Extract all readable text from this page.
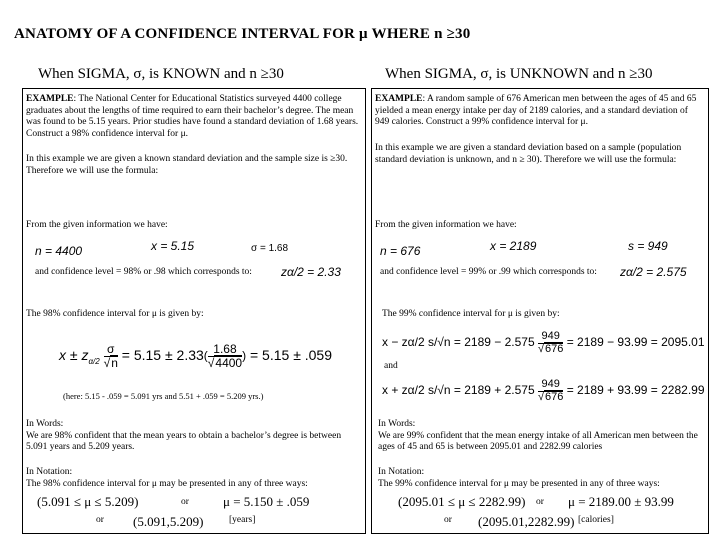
ANATOMY OF A CONFIDENCE INTERVAL FOR μ WHERE n ≥30
When SIGMA, σ, is KNOWN and n ≥30	When SIGMA, σ, is UNKNOWN and n ≥30
EXAMPLE: The National Center for Educational Statistics surveyed 4400 college graduates about the lengths of time required to earn their bachelor’s degree. The mean was found to be 5.15 years. Prior studies have found a standard deviation of 1.68 years. Construct a 98% confidence interval for μ.
In this example we are given a known standard deviation and the sample size is ≥30. Therefore we will use the formula:
From the given information we have:
n = 4400	x = 5.15	σ = 1.68
and confidence level = 98% or .98 which corresponds to: zα/2 = 2.33
The 98% confidence interval for μ is given by:
$x \pm z_{\alpha/2} \frac{\sigma}{√n} = 5.15 \pm 2.33( \frac{1.68}{√4400}$ ) = 5.15 ± .059
(here: 5.15 - .059 = 5.091 yrs and 5.51 + .059 = 5.209 yrs.)
In Words:
We are 98% confident that the mean years to obtain a bachelor’s degree is between 5.091 years and 5.209 years.
In Notation:
The 98% confidence interval for μ may be presented in any of three ways:
(5.091 ≤ μ ≤ 5.209)	or	μ = 5.150 ± .059
or (5.091,5.209)	[years]
EXAMPLE: A random sample of 676 American men between the ages of 45 and 65 yielded a mean energy intake per day of 2189 calories, and a standard deviation of 949 calories. Construct a 99% confidence interval for μ.
In this example we are given a standard deviation based on a sample (population standard deviation is unknown, and n ≥ 30). Therefore we will use the formula:
From the given information we have:
n = 676	x = 2189	s = 949
and confidence level = 99% or .99 which corresponds to: zα/2 = 2.575
The 99% confidence interval for μ is given by:
x − zα/2 $s/√n = 2189 - 2.575 \frac{949}{√676} = 2189 - 93.99 = 2095.01$
and
x + zα/2 $s/√n = 2189 + 2.575 \frac{949}{√676} = 2189 + 93.99 = 2282.99$
In Words:
We are 99% confident that the mean energy intake of all American men between the ages of 45 and 65 is between 2095.01 and 2282.99 calories
In Notation:
The 99% confidence interval for μ may be presented in any of three ways:
(2095.01 ≤ μ ≤ 2282.99) or μ = 2189.00 ± 93.99
or (2095.01,2282.99) [calories]
